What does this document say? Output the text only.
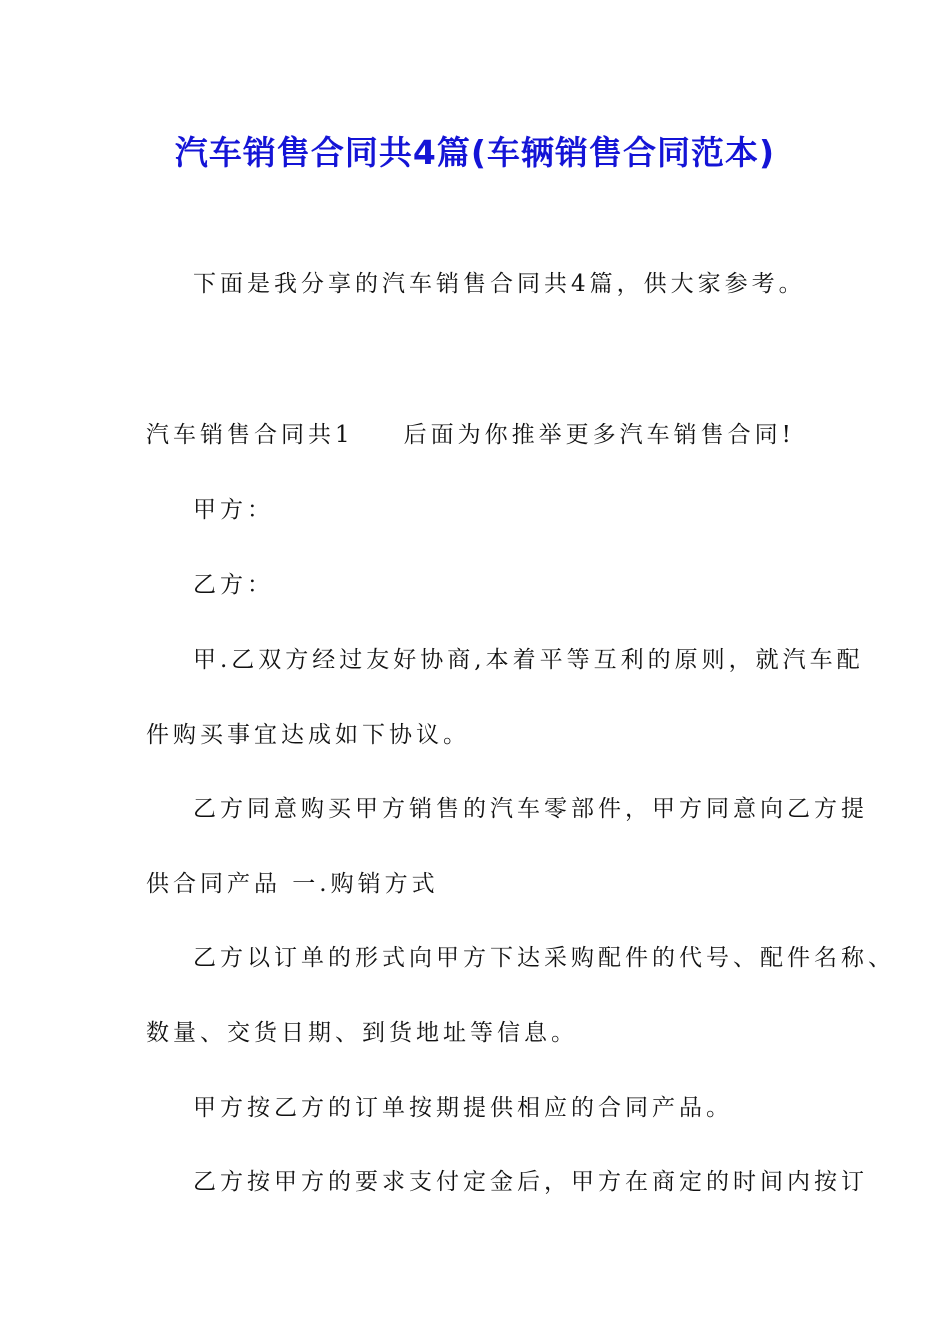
汽车销售合同共4篇(车辆销售合同范本)
下面是我分享的汽车销售合同共4篇，供大家参考。
汽车销售合同共1 后面为你推举更多汽车销售合同!
甲方：
乙方：
甲.乙双方经过友好协商,本着平等互利的原则，就汽车配
件购买事宜达成如下协议。
乙方同意购买甲方销售的汽车零部件，甲方同意向乙方提
供合同产品 一.购销方式
乙方以订单的形式向甲方下达采购配件的代号、配件名称、
数量、交货日期、到货地址等信息。
甲方按乙方的订单按期提供相应的合同产品。
乙方按甲方的要求支付定金后，甲方在商定的时间内按订
